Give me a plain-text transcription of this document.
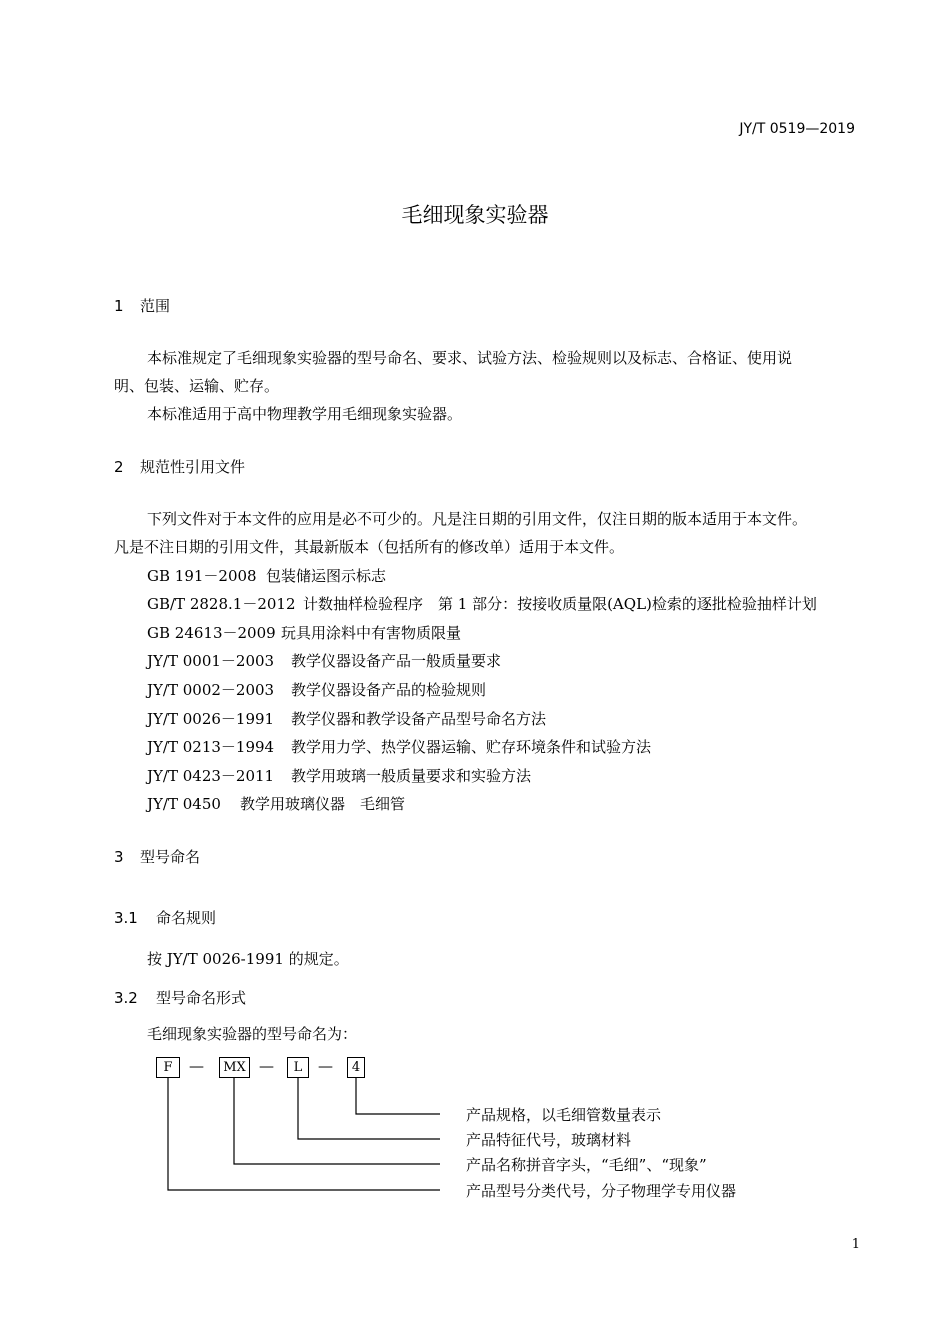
JY/T 0519—2019
毛细现象实验器
1 范围
本标准规定了毛细现象实验器的型号命名、要求、试验方法、检验规则以及标志、合格证、使用说
明、包装、运输、贮存。
本标准适用于高中物理教学用毛细现象实验器。
2 规范性引用文件
下列文件对于本文件的应用是必不可少的。凡是注日期的引用文件，仅注日期的版本适用于本文件。
凡是不注日期的引用文件，其最新版本（包括所有的修改单）适用于本文件。
GB 191－2008 包装储运图示标志
GB/T 2828.1－2012 计数抽样检验程序　第 1 部分：按接收质量限(AQL)检索的逐批检验抽样计划
GB 24613－2009 玩具用涂料中有害物质限量
JY/T 0001－2003 教学仪器设备产品一般质量要求
JY/T 0002－2003 教学仪器设备产品的检验规则
JY/T 0026－1991 教学仪器和教学设备产品型号命名方法
JY/T 0213－1994 教学用力学、热学仪器运输、贮存环境条件和试验方法
JY/T 0423－2011 教学用玻璃一般质量要求和实验方法
JY/T 0450 教学用玻璃仪器　毛细管
3 型号命名
3.1 命名规则
按 JY/T 0026-1991 的规定。
3.2 型号命名形式
毛细现象实验器的型号命名为：
F	—	MX —	L	—	4
产品规格，以毛细管数量表示
产品特征代号，玻璃材料
产品名称拼音字头，“毛细”、“现象”
产品型号分类代号，分子物理学专用仪器
1
